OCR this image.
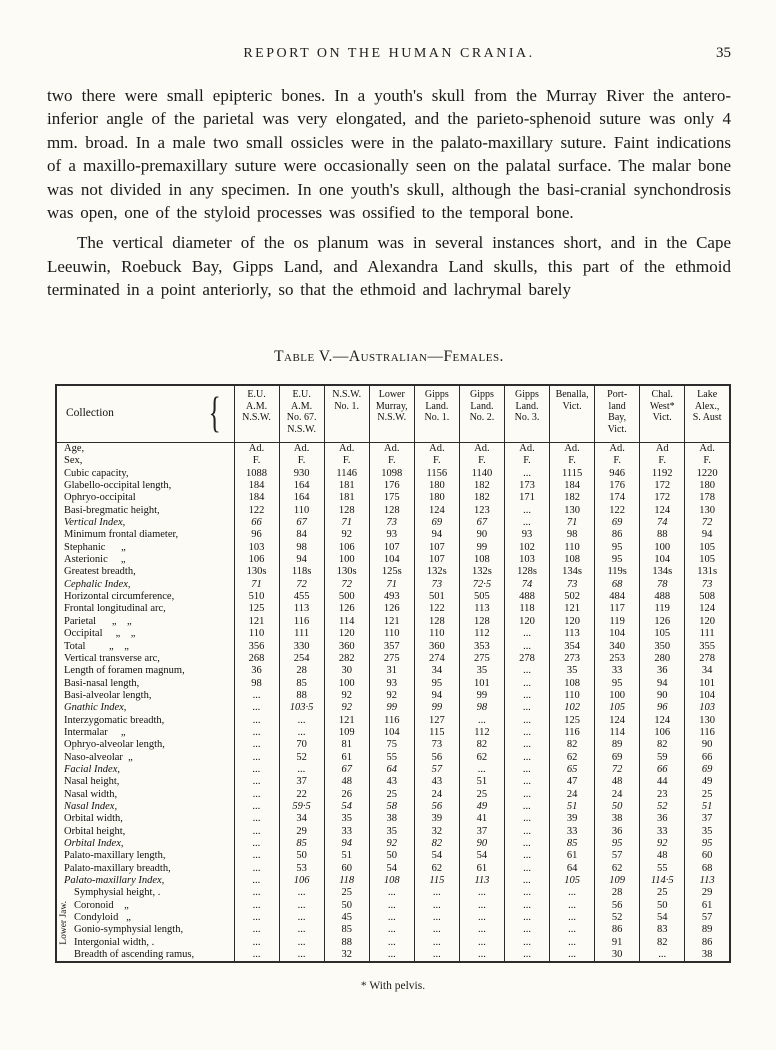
REPORT ON THE HUMAN CRANIA.	35

two there were small epipteric bones. In a youth's skull from the Murray River the antero-inferior angle of the parietal was very elongated, and the parieto-sphenoid suture was only 4 mm. broad. In a male two small ossicles were in the palato-maxillary suture. Faint indications of a maxillo-premaxillary suture were occasionally seen on the palatal surface. The malar bone was not divided in any specimen. In one youth's skull, although the basi-cranial synchondrosis was open, one of the styloid processes was ossified to the temporal bone.

The vertical diameter of the os planum was in several instances short, and in the Cape Leeuwin, Roebuck Bay, Gipps Land, and Alexandra Land skulls, this part of the ethmoid terminated in a point anteriorly, so that the ethmoid and lachrymal barely

Table V.—Australian—Females.
Collection	{	E.U.
A.M.
N.S.W.

E.U.
A.M.
No. 67.
N.S.W.

N.S.W.
No. 1.

Lower
Murray,
N.S.W.

Gipps
Land.
No. 1.

Gipps
Land.
No. 2.

Gipps
Land.
No. 3.

Benalla,
Vict.

Port-
land
Bay,
Vict.

Chal.
West*
Vict.

Lake
Alex.,
S. Aust

Age,	Ad.	Ad.	Ad.	Ad.	Ad.	Ad.	Ad.	Ad.	Ad.	Ad	Ad.
Sex,	F.	F.	F.	F.	F.	F.	F.	F.	F.	F.	F.
Cubic capacity,	1088	930	1146	1098	1156	1140	...	1115	946	1192	1220
Glabello-occipital length,	184	164	181	176	180	182	173	184	176	172	180
Ophryo-occipital	184	164	181	175	180	182	171	182	174	172	178
Basi-bregmatic height,	122	110	128	128	124	123	...	130	122	124	130
Vertical Index,	66	67	71	73	69	67	...	71	69	74	72
Minimum frontal diameter,	96	84	92	93	94	90	93	98	86	88	94
Stephanic      „	103	98	106	107	107	99	102	110	95	100	105
Asterionic     „	106	94	100	104	107	108	103	108	95	104	105
Greatest breadth,	130s	118s	130s	125s	132s	132s	128s	134s	119s	134s	131s
Cephalic Index,	71	72	72	71	73	72·5	74	73	68	78	73
Horizontal circumference,	510	455	500	493	501	505	488	502	484	488	508
Frontal longitudinal arc,	125	113	126	126	122	113	118	121	117	119	124
Parietal      „    „	121	116	114	121	128	128	120	120	119	126	120
Occipital     „    „	110	111	120	110	110	112	...	113	104	105	111
Total         „    „	356	330	360	357	360	353	...	354	340	350	355
Vertical transverse arc,	268	254	282	275	274	275	278	273	253	280	278
Length of foramen magnum,	36	28	30	31	34	35	...	35	33	36	34
Basi-nasal length,	98	85	100	93	95	101	...	108	95	94	101
Basi-alveolar length,	...	88	92	92	94	99	...	110	100	90	104
Gnathic Index,	...	103·5	92	99	99	98	...	102	105	96	103
Interzygomatic breadth,	...	...	121	116	127	...	...	125	124	124	130
Intermalar     „	...	...	109	104	115	112	...	116	114	106	116
Ophryo-alveolar length,	...	70	81	75	73	82	...	82	89	82	90
Naso-alveolar  „	...	52	61	55	56	62	...	62	69	59	66
Facial Index,	...	...	67	64	57	...	...	65	72	66	69
Nasal height,	...	37	48	43	43	51	...	47	48	44	49
Nasal width,	...	22	26	25	24	25	...	24	24	23	25
Nasal Index,	...	59·5	54	58	56	49	...	51	50	52	51
Orbital width,	...	34	35	38	39	41	...	39	38	36	37
Orbital height,	...	29	33	35	32	37	...	33	36	33	35
Orbital Index,	...	85	94	92	82	90	...	85	95	92	95
Palato-maxillary length,	...	50	51	50	54	54	...	61	57	48	60
Palato-maxillary breadth,	...	53	60	54	62	61	...	64	62	55	68
Palato-maxillary Index,	...	106	118	108	115	113	...	105	109	114·5	113
Symphysial height, .	...	...	25	...	...	...	...	...	28	25	29
Coronoid    „	...	...	50	...	...	...	...	...	56	50	61
Condyloid   „	...	...	45	...	...	...	...	...	52	54	57
Gonio-symphysial length,	...	...	85	...	...	...	...	...	86	83	89
Intergonial width, .	...	...	88	...	...	...	...	...	91	82	86
Breadth of ascending ramus,	...	...	32	...	...	...	...	...	30	...	38
Lower Jaw.
* With pelvis.
